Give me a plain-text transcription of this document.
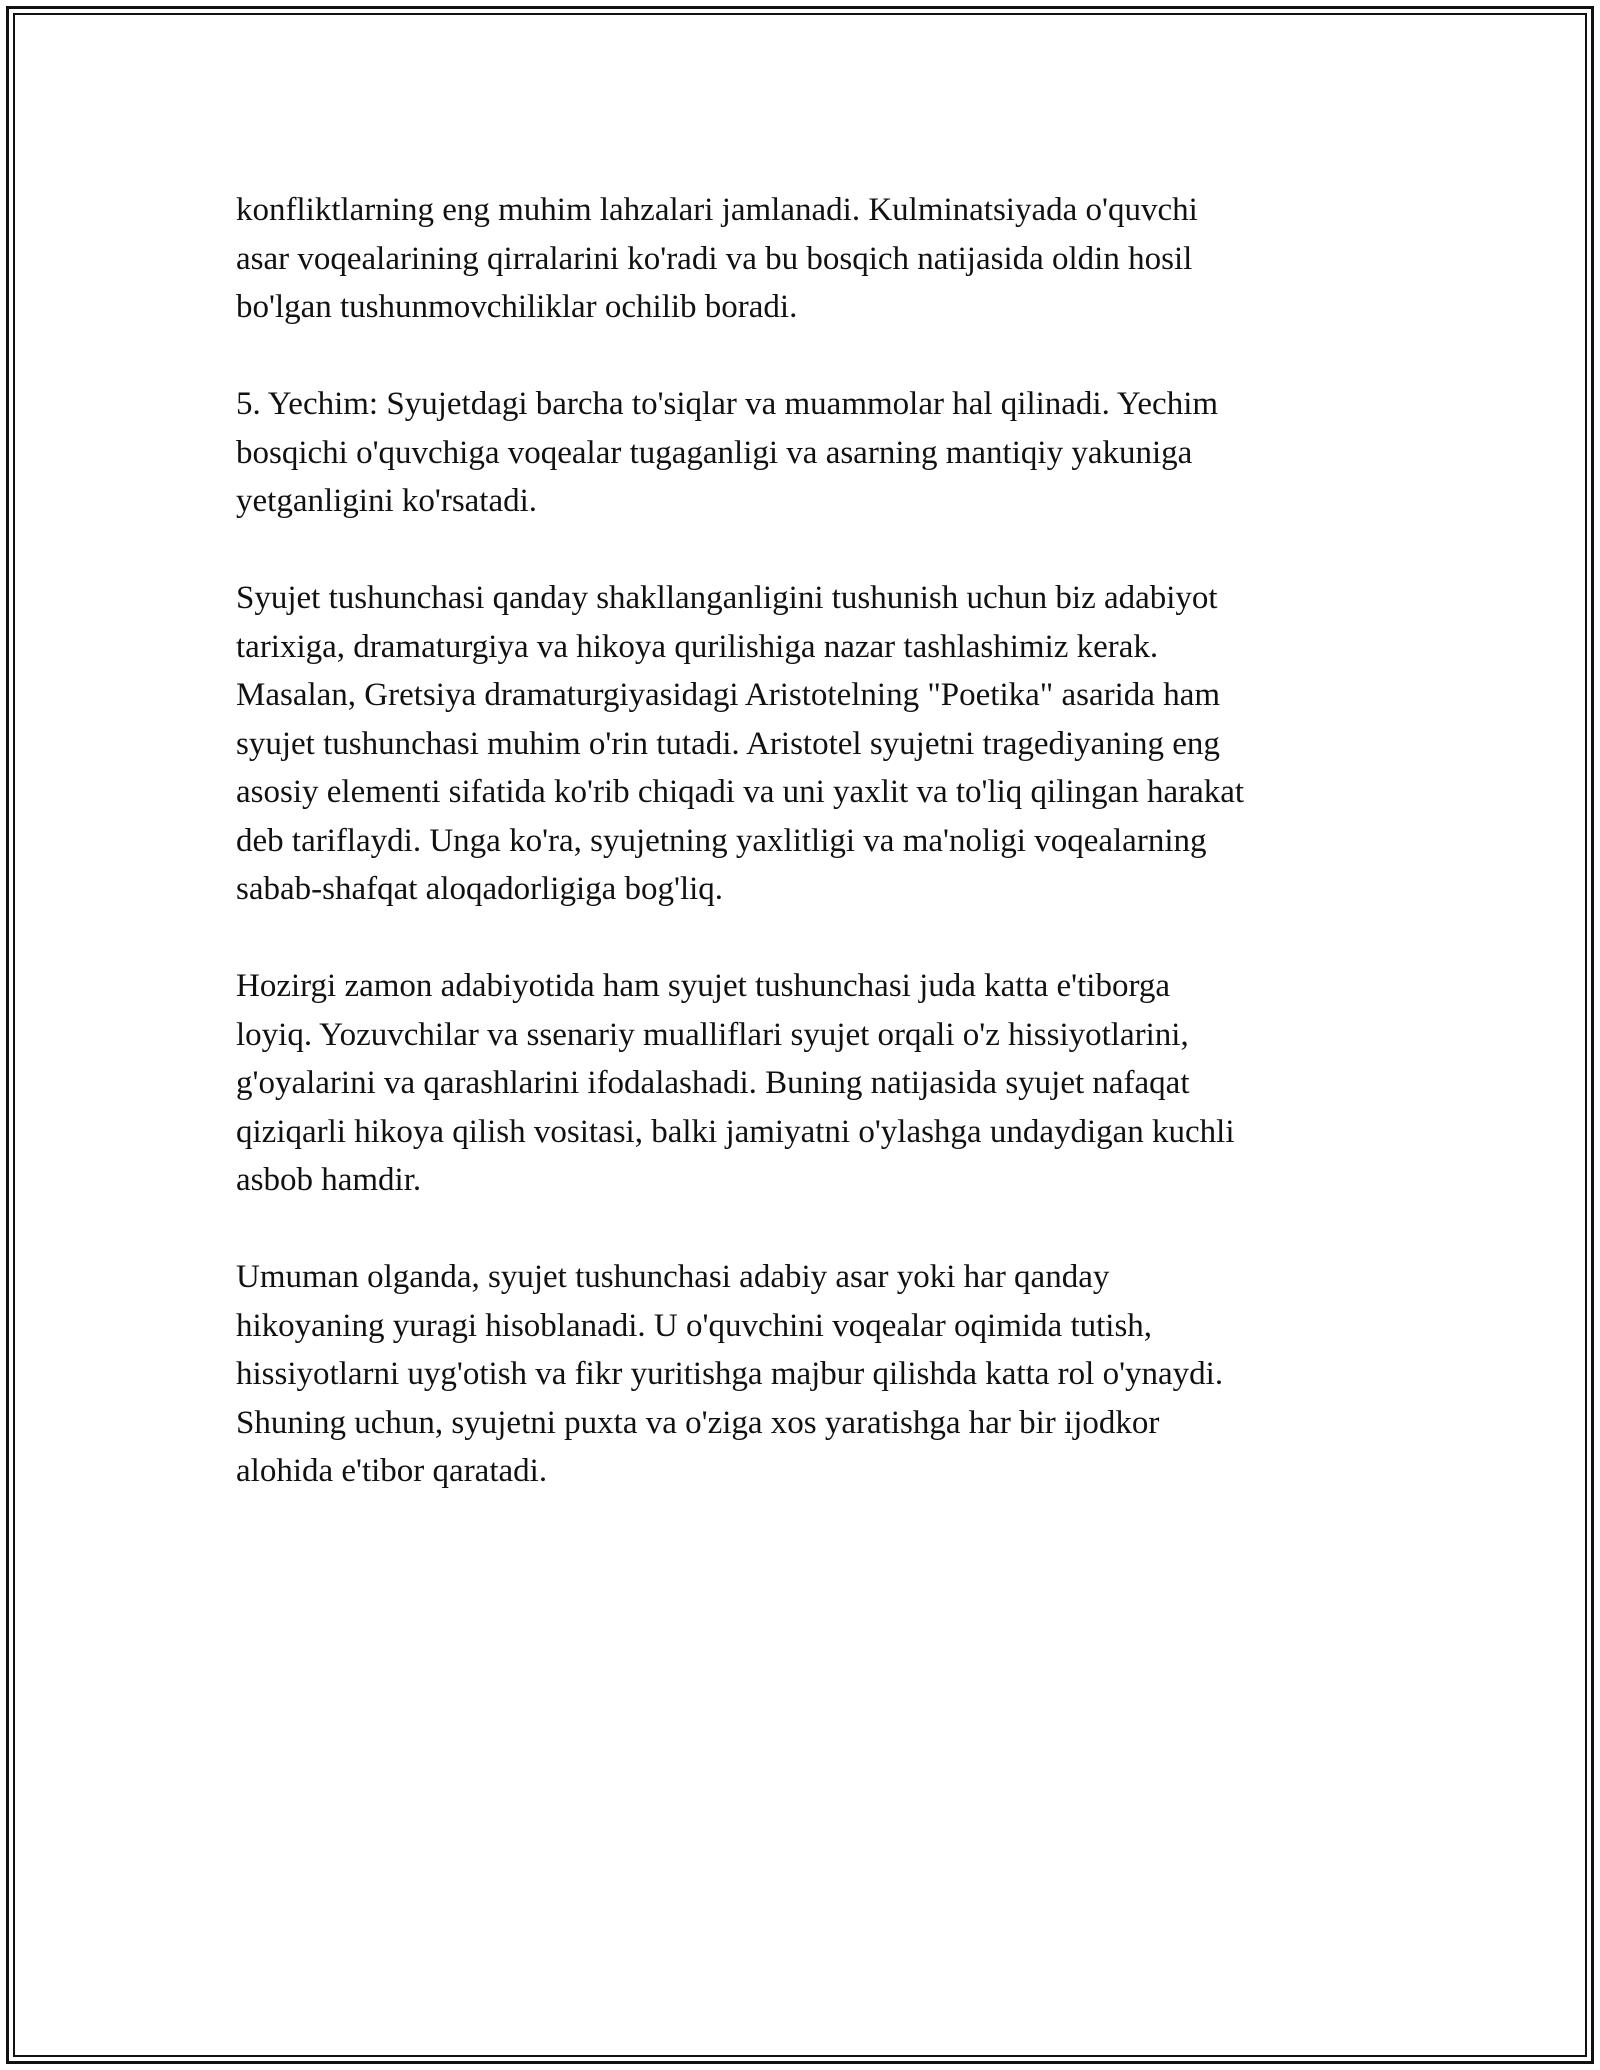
konfliktlarning eng muhim lahzalari jamlanadi. Kulminatsiyada o'quvchi
asar voqealarining qirralarini ko'radi va bu bosqich natijasida oldin hosil
bo'lgan tushunmovchiliklar ochilib boradi.
5. Yechim: Syujetdagi barcha to'siqlar va muammolar hal qilinadi. Yechim
bosqichi o'quvchiga voqealar tugaganligi va asarning mantiqiy yakuniga
yetganligini ko'rsatadi.
Syujet tushunchasi qanday shakllanganligini tushunish uchun biz adabiyot
tarixiga, dramaturgiya va hikoya qurilishiga nazar tashlashimiz kerak.
Masalan, Gretsiya dramaturgiyasidagi Aristotelning "Poetika" asarida ham
syujet tushunchasi muhim o'rin tutadi. Aristotel syujetni tragediyaning eng
asosiy elementi sifatida ko'rib chiqadi va uni yaxlit va to'liq qilingan harakat
deb tariflaydi. Unga ko'ra, syujetning yaxlitligi va ma'noligi voqealarning
sabab-shafqat aloqadorligiga bog'liq.
Hozirgi zamon adabiyotida ham syujet tushunchasi juda katta e'tiborga
loyiq. Yozuvchilar va ssenariy mualliflari syujet orqali o'z hissiyotlarini,
g'oyalarini va qarashlarini ifodalashadi. Buning natijasida syujet nafaqat
qiziqarli hikoya qilish vositasi, balki jamiyatni o'ylashga undaydigan kuchli
asbob hamdir.
Umuman olganda, syujet tushunchasi adabiy asar yoki har qanday
hikoyaning yuragi hisoblanadi. U o'quvchini voqealar oqimida tutish,
hissiyotlarni uyg'otish va fikr yuritishga majbur qilishda katta rol o'ynaydi.
Shuning uchun, syujetni puxta va o'ziga xos yaratishga har bir ijodkor
alohida e'tibor qaratadi.
